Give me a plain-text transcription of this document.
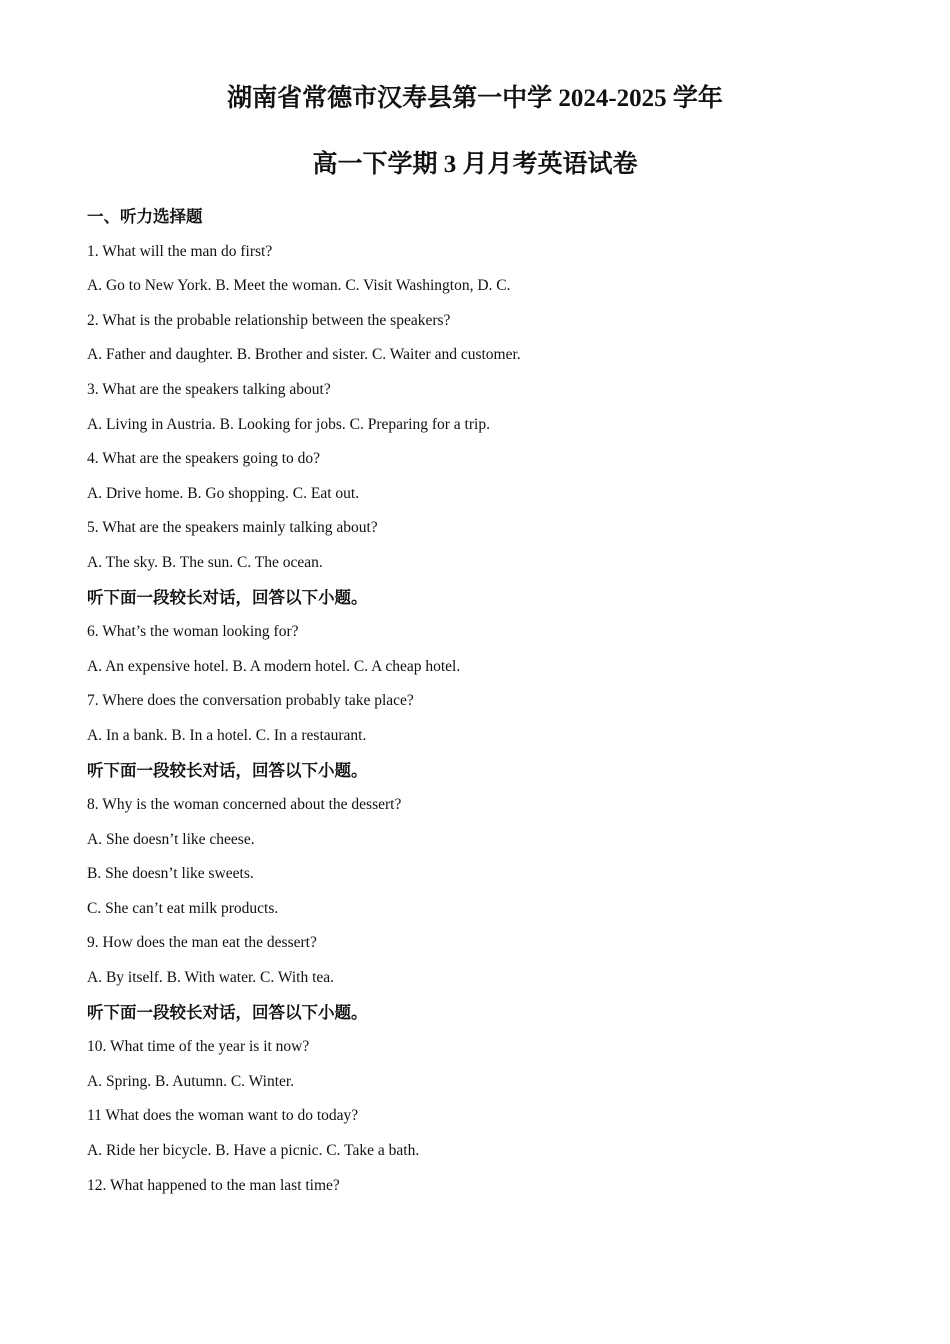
湖南省常德市汉寿县第一中学 2024-2025 学年
高一下学期 3 月月考英语试卷
一、听力选择题
1. What will the man do first?
A. Go to New York. B. Meet the woman. C. Visit Washington, D. C.
2. What is the probable relationship between the speakers?
A. Father and daughter. B. Brother and sister. C. Waiter and customer.
3. What are the speakers talking about?
A. Living in Austria. B. Looking for jobs. C. Preparing for a trip.
4. What are the speakers going to do?
A. Drive home. B. Go shopping. C. Eat out.
5. What are the speakers mainly talking about?
A. The sky. B. The sun. C. The ocean.
听下面一段较长对话，回答以下小题。
6. What’s the woman looking for?
A. An expensive hotel. B. A modern hotel. C. A cheap hotel.
7. Where does the conversation probably take place?
A. In a bank. B. In a hotel. C. In a restaurant.
听下面一段较长对话，回答以下小题。
8. Why is the woman concerned about the dessert?
A. She doesn’t like cheese.
B. She doesn’t like sweets.
C. She can’t eat milk products.
9. How does the man eat the dessert?
A. By itself. B. With water. C. With tea.
听下面一段较长对话，回答以下小题。
10. What time of the year is it now?
A. Spring. B. Autumn. C. Winter.
11 What does the woman want to do today?
A. Ride her bicycle. B. Have a picnic. C. Take a bath.
12. What happened to the man last time?
